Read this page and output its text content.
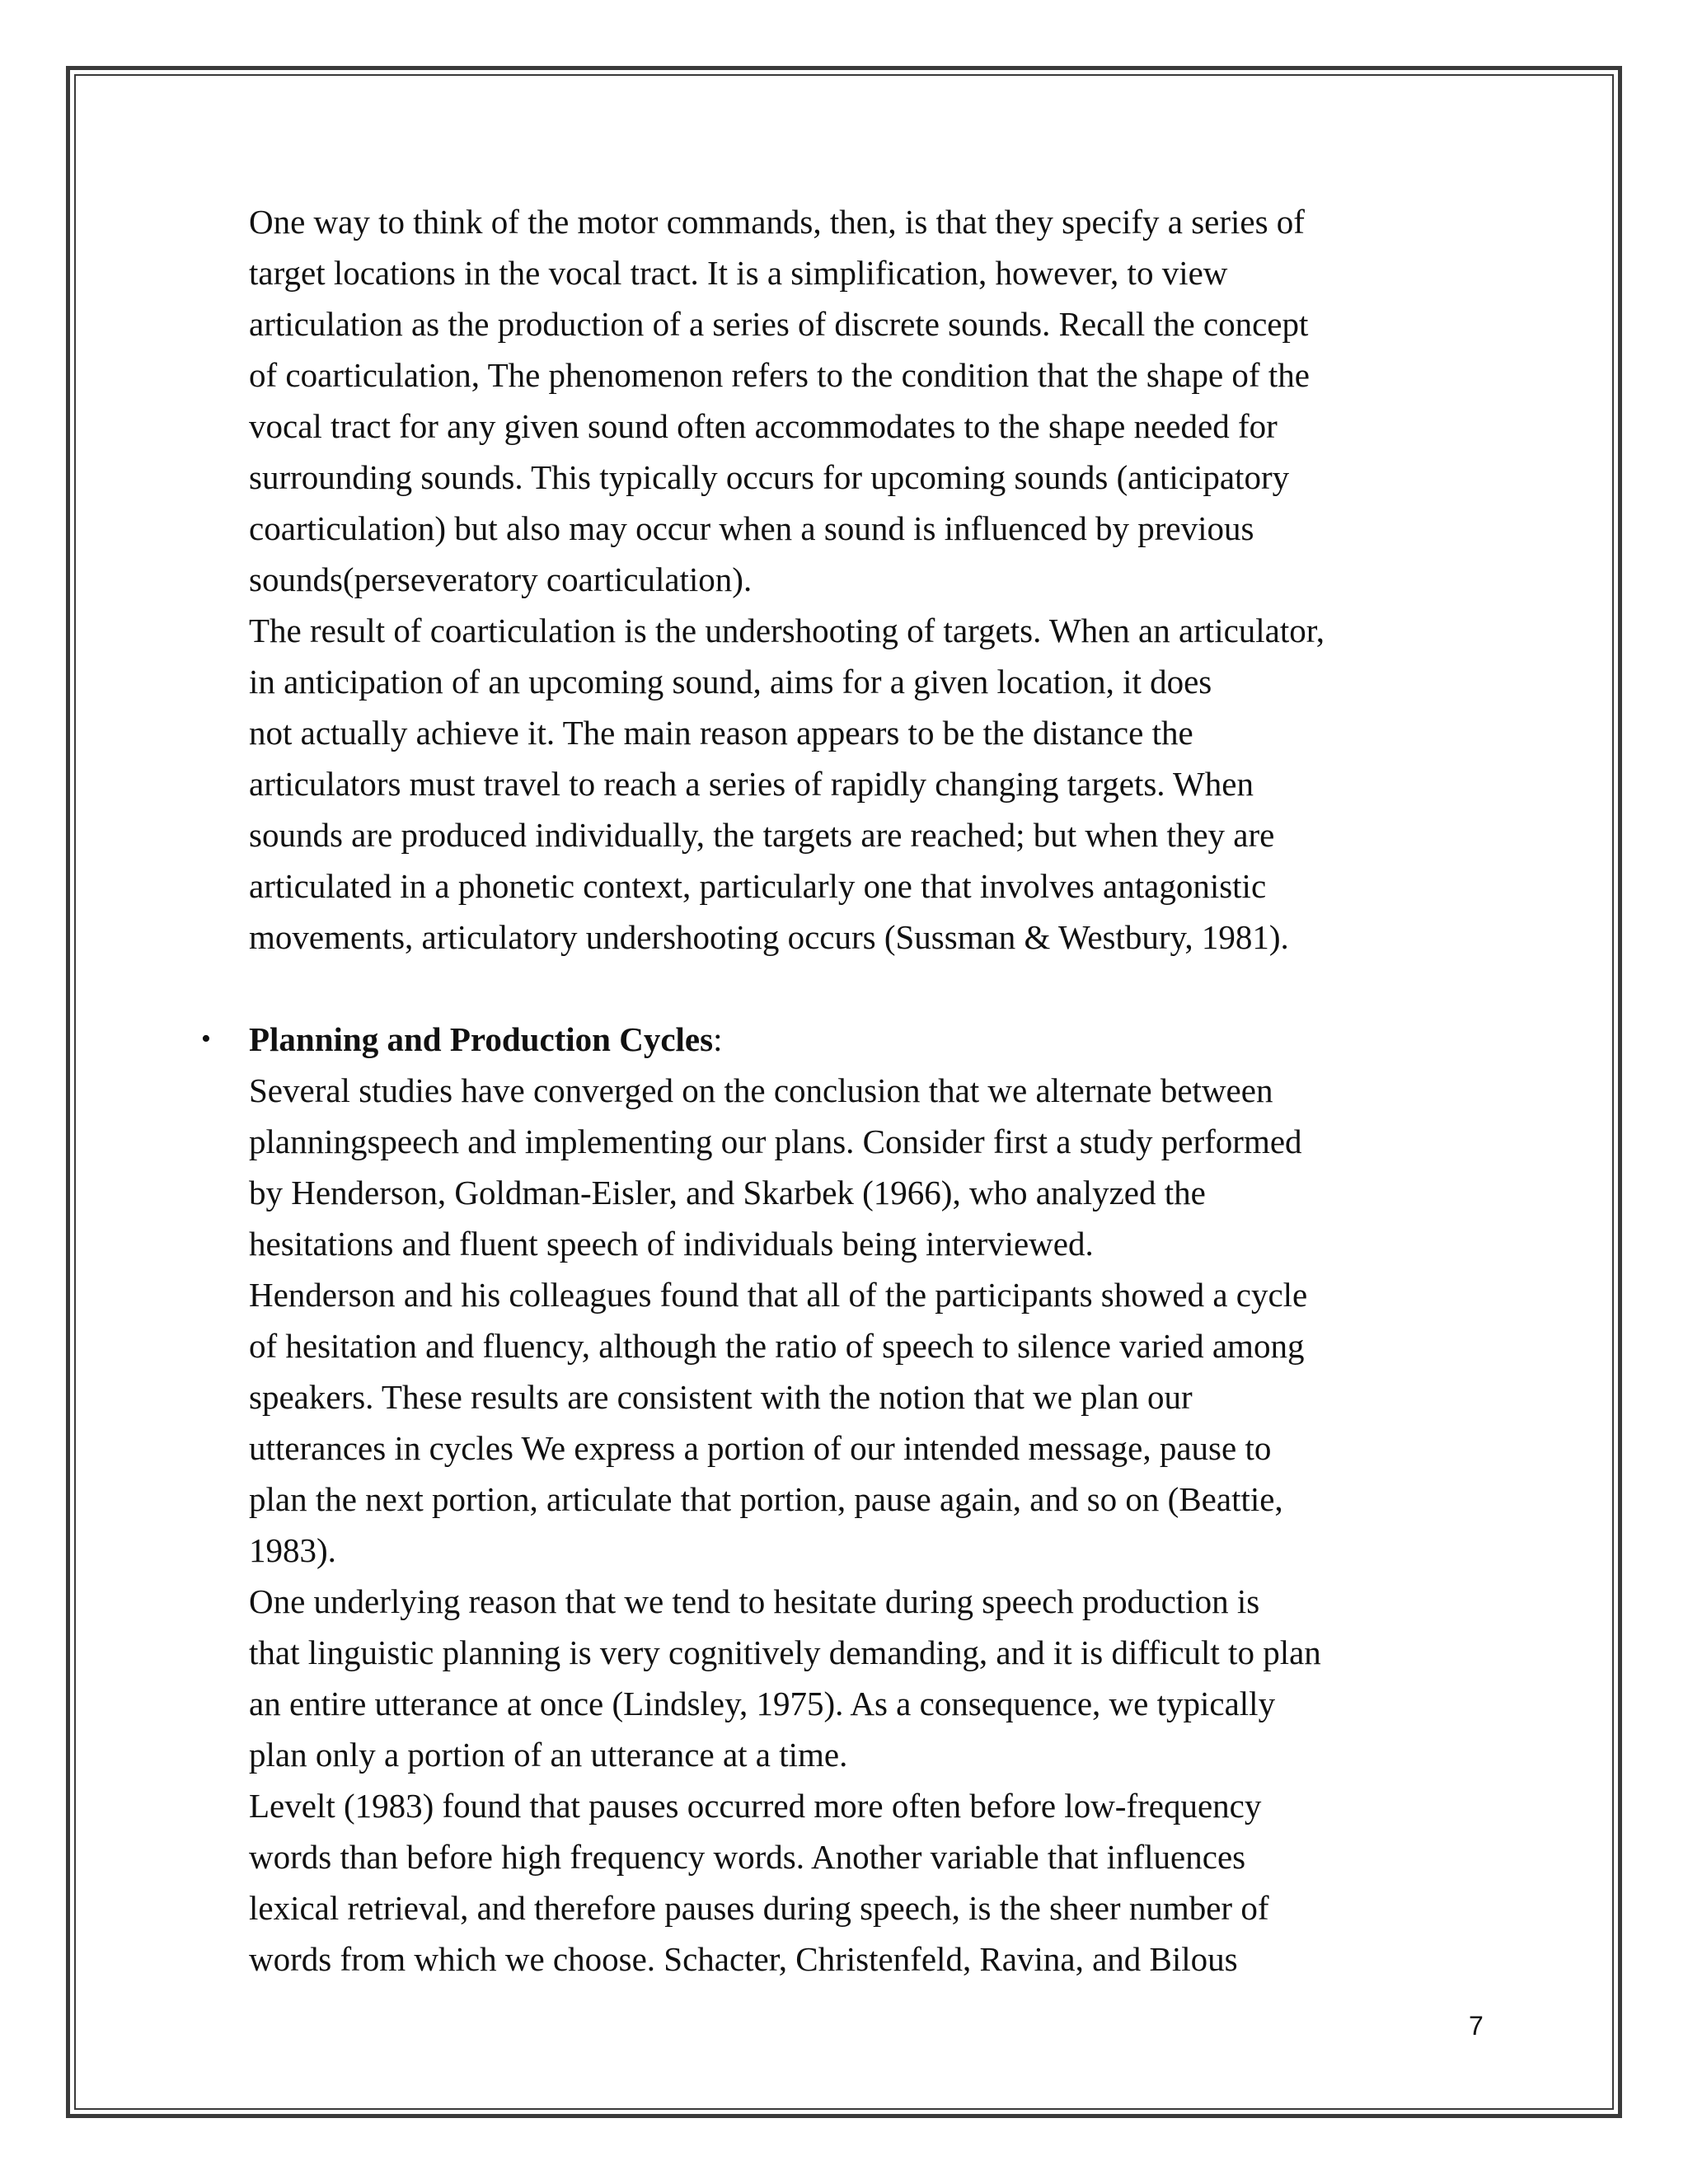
One way to think of the motor commands, then, is that they specify a series of
target locations in the vocal tract. It is a simplification, however, to view
articulation as the production of a series of discrete sounds. Recall the concept
of coarticulation, The phenomenon refers to the condition that the shape of the
vocal tract for any given sound often accommodates to the shape needed for
surrounding sounds. This typically occurs for upcoming sounds (anticipatory
coarticulation) but also may occur when a sound is influenced by previous
sounds(perseveratory coarticulation).
The result of coarticulation is the undershooting of targets. When an articulator,
in anticipation of an upcoming sound, aims for a given location, it does
not actually achieve it. The main reason appears to be the distance the
articulators must travel to reach a series of rapidly changing targets. When
sounds are produced individually, the targets are reached; but when they are
articulated in a phonetic context, particularly one that involves antagonistic
movements, articulatory undershooting occurs (Sussman & Westbury, 1981).
• Planning and Production Cycles:
Several studies have converged on the conclusion that we alternate between
planningspeech and implementing our plans. Consider first a study performed
by Henderson, Goldman-Eisler, and Skarbek (1966), who analyzed the
hesitations and fluent speech of individuals being interviewed.
Henderson and his colleagues found that all of the participants showed a cycle
of hesitation and fluency, although the ratio of speech to silence varied among
speakers. These results are consistent with the notion that we plan our
utterances in cycles We express a portion of our intended message, pause to
plan the next portion, articulate that portion, pause again, and so on (Beattie,
1983).
One underlying reason that we tend to hesitate during speech production is
that linguistic planning is very cognitively demanding, and it is difficult to plan
an entire utterance at once (Lindsley, 1975). As a consequence, we typically
plan only a portion of an utterance at a time.
Levelt (1983) found that pauses occurred more often before low-frequency
words than before high frequency words. Another variable that influences
lexical retrieval, and therefore pauses during speech, is the sheer number of
words from which we choose. Schacter, Christenfeld, Ravina, and Bilous
7
